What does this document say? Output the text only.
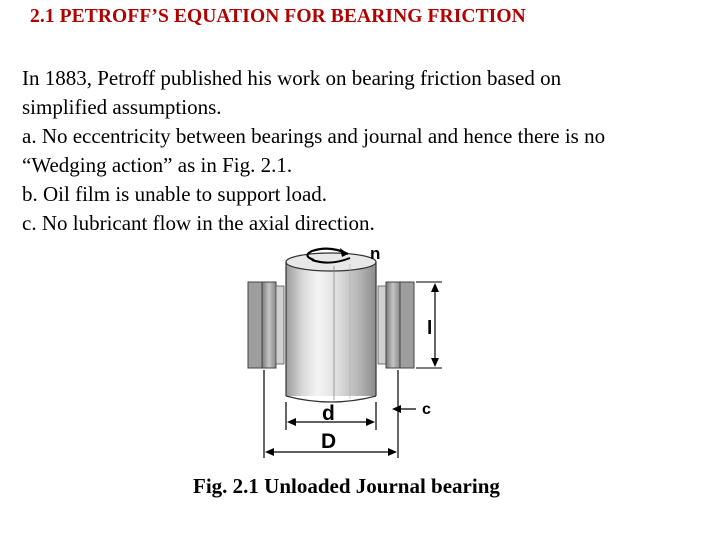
2.1 PETROFF’S EQUATION FOR BEARING FRICTION
In 1883, Petroff published his work on bearing friction based on
simplified assumptions.
a. No eccentricity between bearings and journal and hence there is no
“Wedging action” as in Fig. 2.1.
b. Oil film is unable to support load.
c. No lubricant flow in the axial direction.
n
l
d
D
c
Fig. 2.1 Unloaded Journal bearing
